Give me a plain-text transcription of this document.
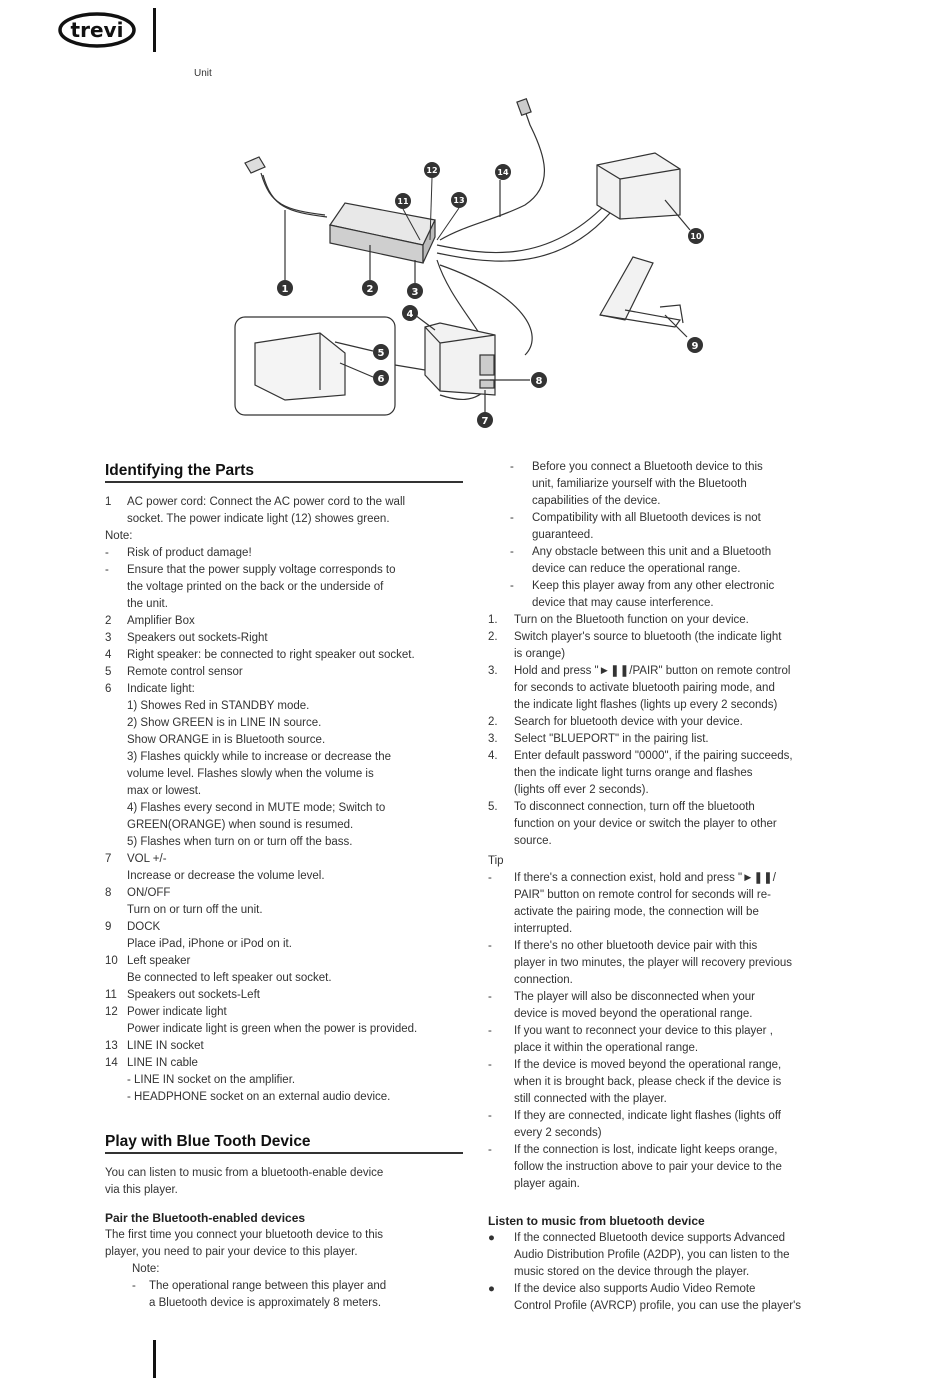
trevi
Unit
1	2	3
4
5
6
7
8
9
10
11
12
13
14
Identifying the Parts
1 AC power cord: Connect the AC power cord to the wall
socket. The power indicate light (12) showes green.
Note:
- Risk of product damage!
- Ensure that the power supply voltage corresponds to
the voltage printed on the back or the underside of
the unit.
2 Amplifier Box
3 Speakers out sockets-Right
4 Right speaker: be connected to right speaker out socket.
5 Remote control sensor
6 Indicate light:
1) Showes Red in STANDBY mode.
2) Show GREEN is in LINE IN source.
Show ORANGE in is Bluetooth source.
3) Flashes quickly while to increase or decrease the
volume level. Flashes slowly when the volume is
max or lowest.
4) Flashes every second in MUTE mode; Switch to
GREEN(ORANGE) when sound is resumed.
5) Flashes when turn on or turn off the bass.
7 VOL +/-
Increase or decrease the volume level.
8 ON/OFF
Turn on or turn off the unit.
9 DOCK
Place iPad, iPhone or iPod on it.
10 Left speaker
Be connected to left speaker out socket.
11 Speakers out sockets-Left
12 Power indicate light
Power indicate light is green when the power is provided.
13 LINE IN socket
14 LINE IN cable
- LINE IN socket on the amplifier.
- HEADPHONE socket on an external audio device.
Play with Blue Tooth Device
You can listen to music from a bluetooth-enable device
via this player.
Pair the Bluetooth-enabled devices
The first time you connect your bluetooth device to this
player, you need to pair your device to this player.
Note:
- The operational range between this player and
a Bluetooth device is approximately 8 meters.
- Before you connect a Bluetooth device to this
unit, familiarize yourself with the Bluetooth
capabilities of the device.
- Compatibility with all Bluetooth devices is not
guaranteed.
- Any obstacle between this unit and a Bluetooth
device can reduce the operational range.
- Keep this player away from any other electronic
device that may cause interference.
1. Turn on the Bluetooth function on your device.
2. Switch player's source to bluetooth (the indicate light
is orange)
3. Hold and press "►❚❚/PAIR" button on remote control
for seconds to activate bluetooth pairing mode, and
the indicate light flashes (lights up every 2 seconds)
2. Search for bluetooth device with your device.
3. Select "BLUEPORT" in the pairing list.
4. Enter default password "0000", if the pairing succeeds,
then the indicate light turns orange and flashes
(lights off ever 2 seconds).
5. To disconnect connection, turn off the bluetooth
function on your device or switch the player to other
source.
Tip
- If there's a connection exist, hold and press "►❚❚/
PAIR" button on remote control for seconds will re-
activate the pairing mode, the connection will be
interrupted.
- If there's no other bluetooth device pair with this
player in two minutes, the player will recovery previous
connection.
- The player will also be disconnected when your
device is moved beyond the operational range.
- If you want to reconnect your device to this player ,
place it within the operational range.
- If the device is moved beyond the operational range,
when it is brought back, please check if the device is
still connected with the player.
- If they are connected, indicate light flashes (lights off
every 2 seconds)
- If the connection is lost, indicate light keeps orange,
follow the instruction above to pair your device to the
player again.
Listen to music from bluetooth device
● If the connected Bluetooth device supports Advanced
Audio Distribution Profile (A2DP), you can listen to the
music stored on the device through the player.
● If the device also supports Audio Video Remote
Control Profile (AVRCP) profile, you can use the player's
